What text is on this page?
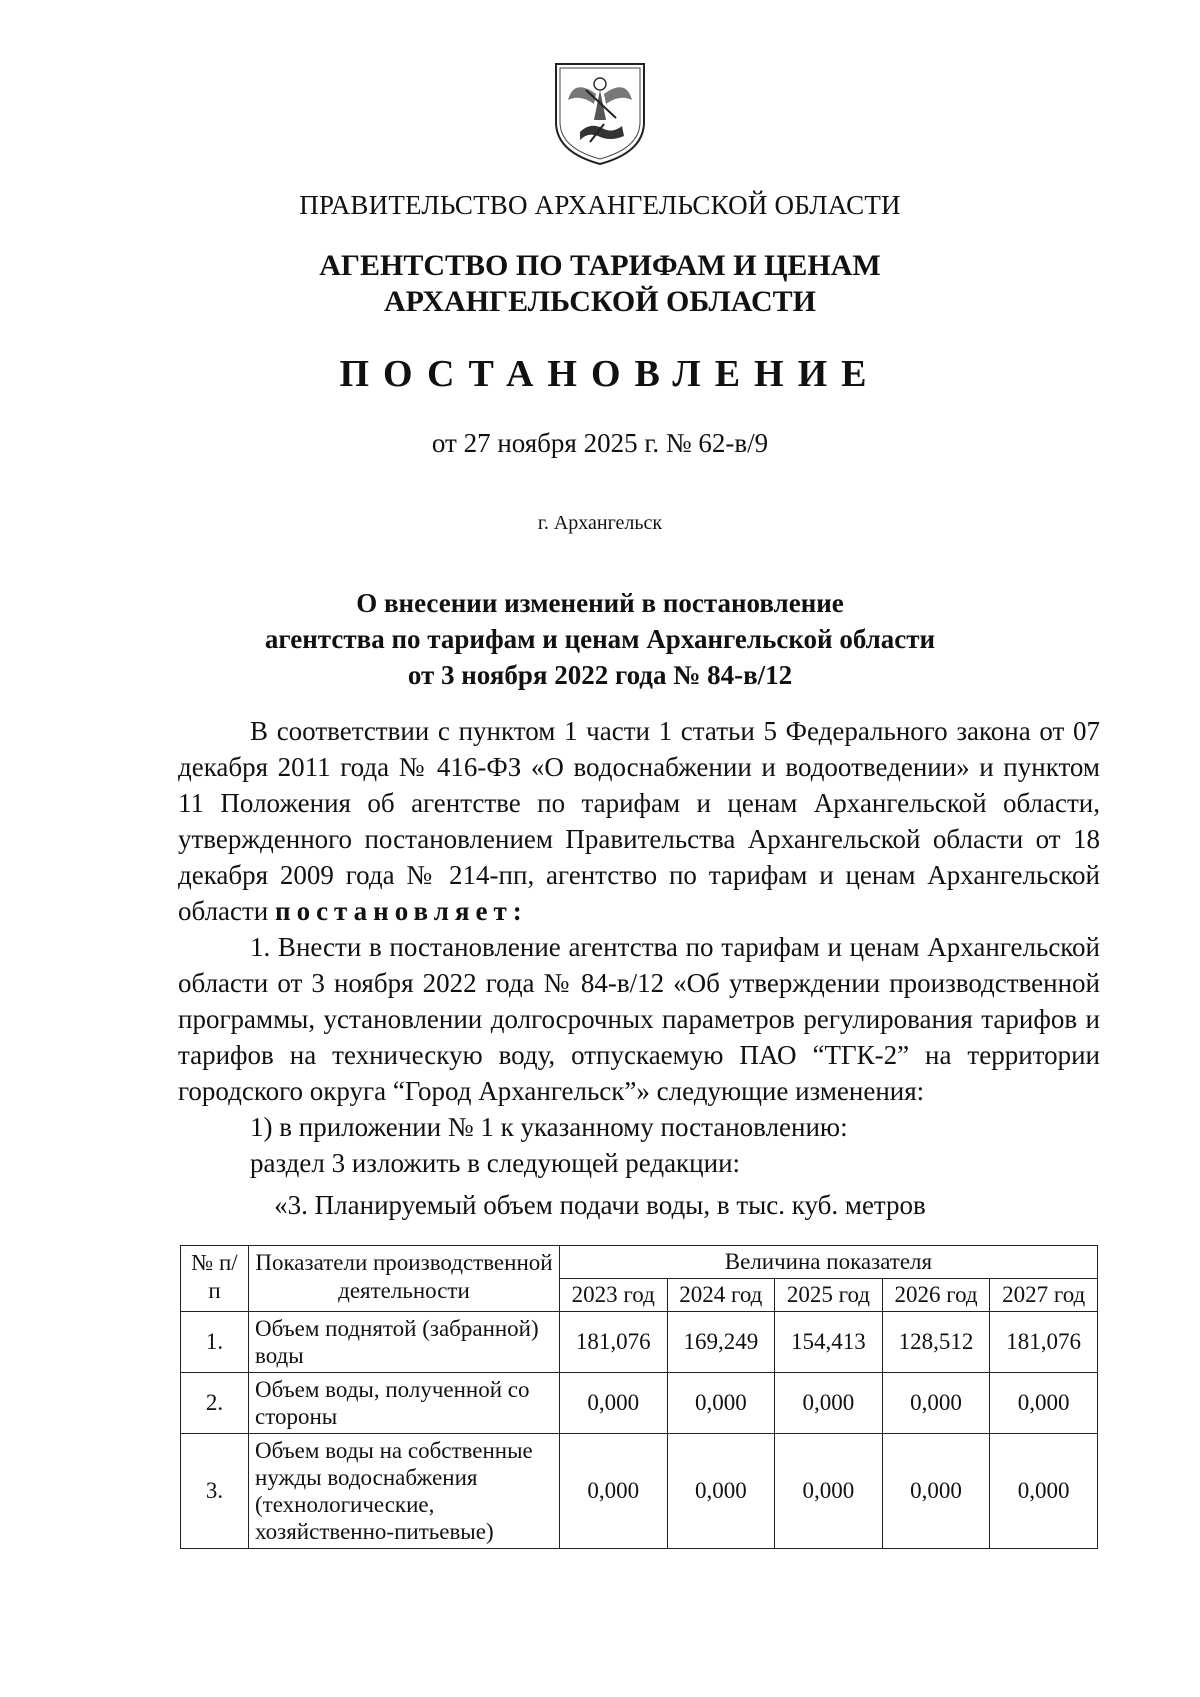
ПРАВИТЕЛЬСТВО АРХАНГЕЛЬСКОЙ ОБЛАСТИ
АГЕНТСТВО ПО ТАРИФАМ И ЦЕНАМ
АРХАНГЕЛЬСКОЙ ОБЛАСТИ
ПОСТАНОВЛЕНИЕ
от 27 ноября 2025 г. № 62-в/9
г. Архангельск
О внесении изменений в постановление
агентства по тарифам и ценам Архангельской области
от 3 ноября 2022 года № 84-в/12

В соответствии с пунктом 1 части 1 статьи 5 Федерального закона от 07 декабря 2011 года № 416-ФЗ «О водоснабжении и водоотведении» и пунктом 11 Положения об агентстве по тарифам и ценам Архангельской области, утвержденного постановлением Правительства Архангельской области от 18 декабря 2009 года № 214-пп, агентство по тарифам и ценам Архангельской области постановляет:

1. Внести в постановление агентства по тарифам и ценам Архангельской области от 3 ноября 2022 года № 84-в/12 «Об утверждении производственной программы, установлении долгосрочных параметров регулирования тарифов и тарифов на техническую воду, отпускаемую ПАО “ТГК-2” на территории городского округа “Город Архангельск”» следующие изменения:

1) в приложении № 1 к указанному постановлению:

раздел 3 изложить в следующей редакции:

«3. Планируемый объем подачи воды, в тыс. куб. метров
№ п/п	Показатели производственной деятельности	Величина показателя				
		2023 год	2024 год	2025 год	2026 год	2027 год
1.	Объем поднятой (забранной) воды	181,076	169,249	154,413	128,512	181,076
2.	Объем воды, полученной со стороны	0,000	0,000	0,000	0,000	0,000
3.	Объем воды на собственные нужды водоснабжения (технологические, хозяйственно-питьевые)	0,000	0,000	0,000	0,000	0,000
